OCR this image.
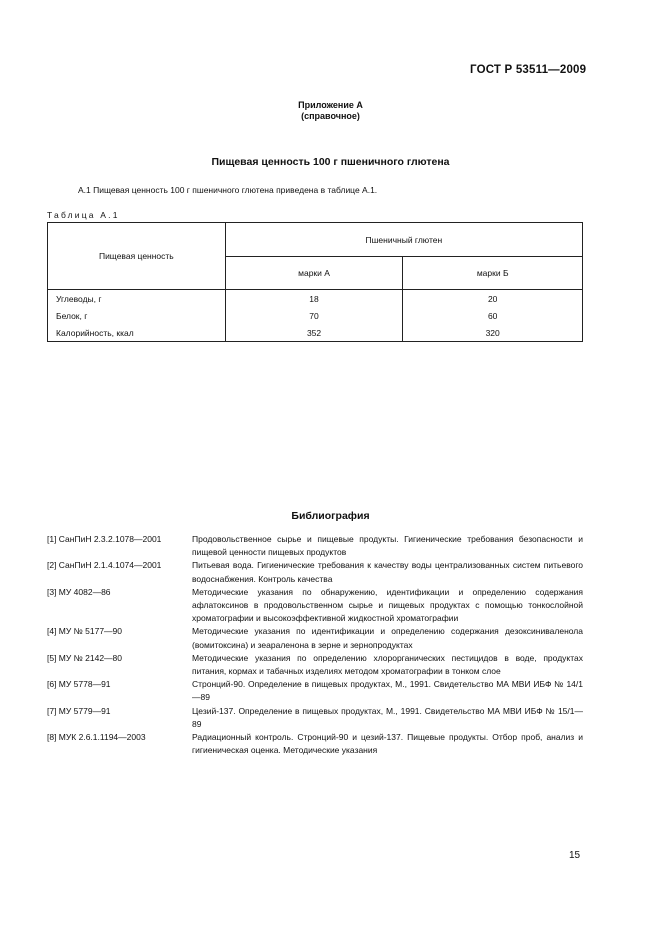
ГОСТ Р 53511—2009
Приложение А
(справочное)
Пищевая ценность 100 г пшеничного глютена
А.1 Пищевая ценность 100 г пшеничного глютена приведена в таблице А.1.
Таблица А.1
Пищевая ценность	Пшеничный глютен	
	марки А	марки Б
Углеводы, г	18	20
Белок, г	70	60
Калорийность, ккал	352	320
Библиография
[1] СанПиН 2.3.2.1078—2001	Продовольственное сырье и пищевые продукты. Гигиенические требования безопасности и пищевой ценности пищевых продуктов
[2] СанПиН 2.1.4.1074—2001	Питьевая вода. Гигиенические требования к качеству воды централизованных систем питьевого водоснабжения. Контроль качества
[3] МУ 4082—86	Методические указания по обнаружению, идентификации и определению содержания афлатоксинов в продовольственном сырье и пищевых продуктах с помощью тонкослойной хроматографии и высокоэффективной жидкостной хроматографии
[4] МУ № 5177—90	Методические указания по идентификации и определению содержания дезоксиниваленола (вомитоксина) и зеараленона в зерне и зернопродуктах
[5] МУ № 2142—80	Методические указания по определению хлорорганических пестицидов в воде, продуктах питания, кормах и табачных изделиях методом хроматографии в тонком слое
[6] МУ 5778—91	Стронций-90. Определение в пищевых продуктах, М., 1991. Свидетельство МА МВИ ИБФ № 14/1—89
[7] МУ 5779—91	Цезий-137. Определение в пищевых продуктах, М., 1991. Свидетельство МА МВИ ИБФ № 15/1—89
[8] МУК 2.6.1.1194—2003	Радиационный контроль. Стронций-90 и цезий-137. Пищевые продукты. Отбор проб, анализ и гигиеническая оценка. Методические указания
15
